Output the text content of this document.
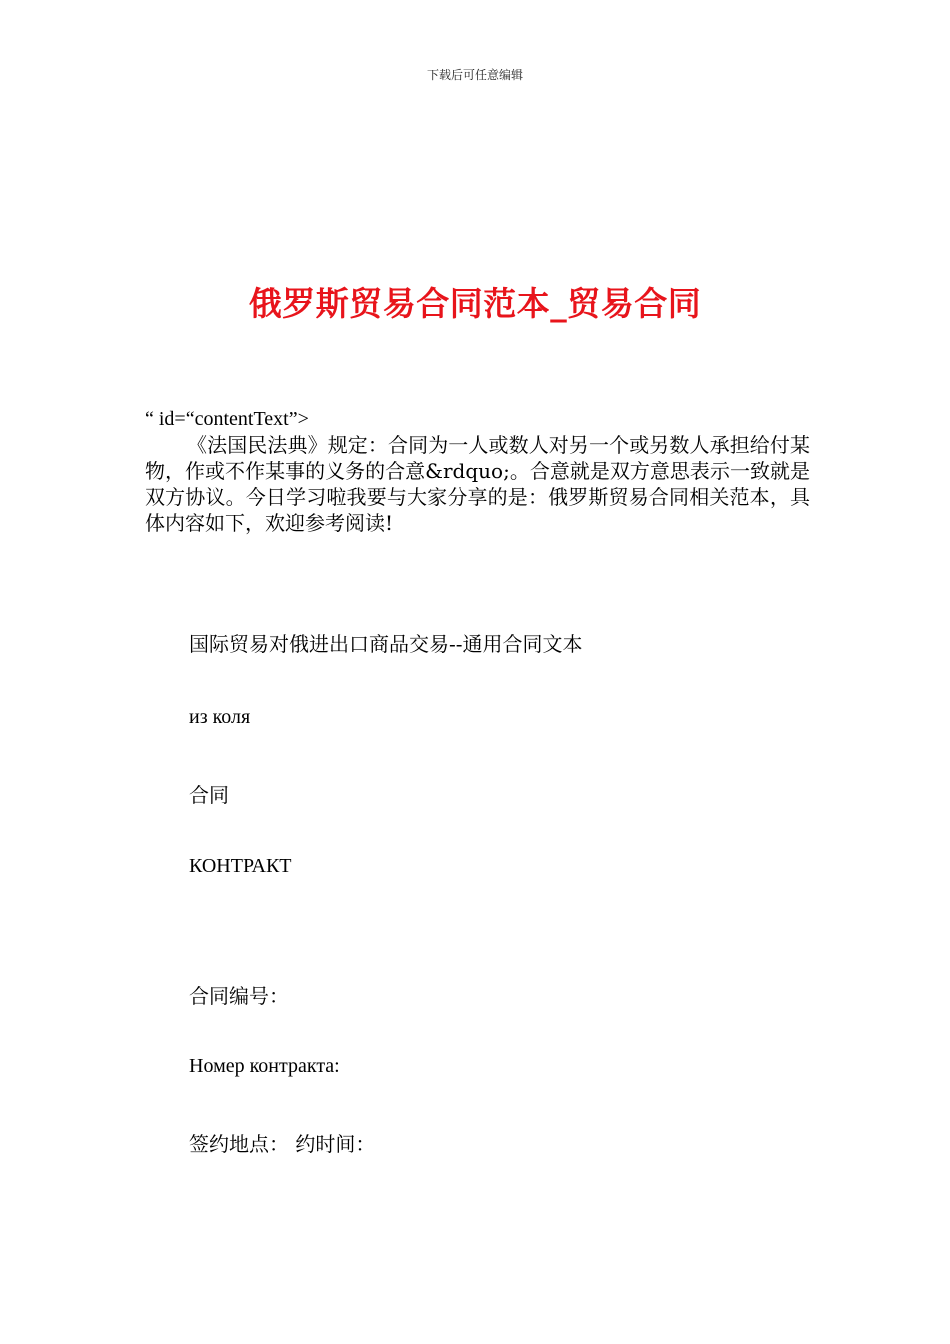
下载后可任意编辑
俄罗斯贸易合同范本_贸易合同
“ id=“contentText”>

《法国民法典》规定：合同为一人或数人对另一个或另数人承担给付某物，作或不作某事的义务的合意&rdquo;。合意就是双方意思表示一致就是双方协议。今日学习啦我要与大家分享的是：俄罗斯贸易合同相关范本，具体内容如下，欢迎参考阅读!

国际贸易对俄进出口商品交易--通用合同文本
из коля
合同
КОНТРАКТ
合同编号：
Номер контракта:
签约地点： 约时间：
